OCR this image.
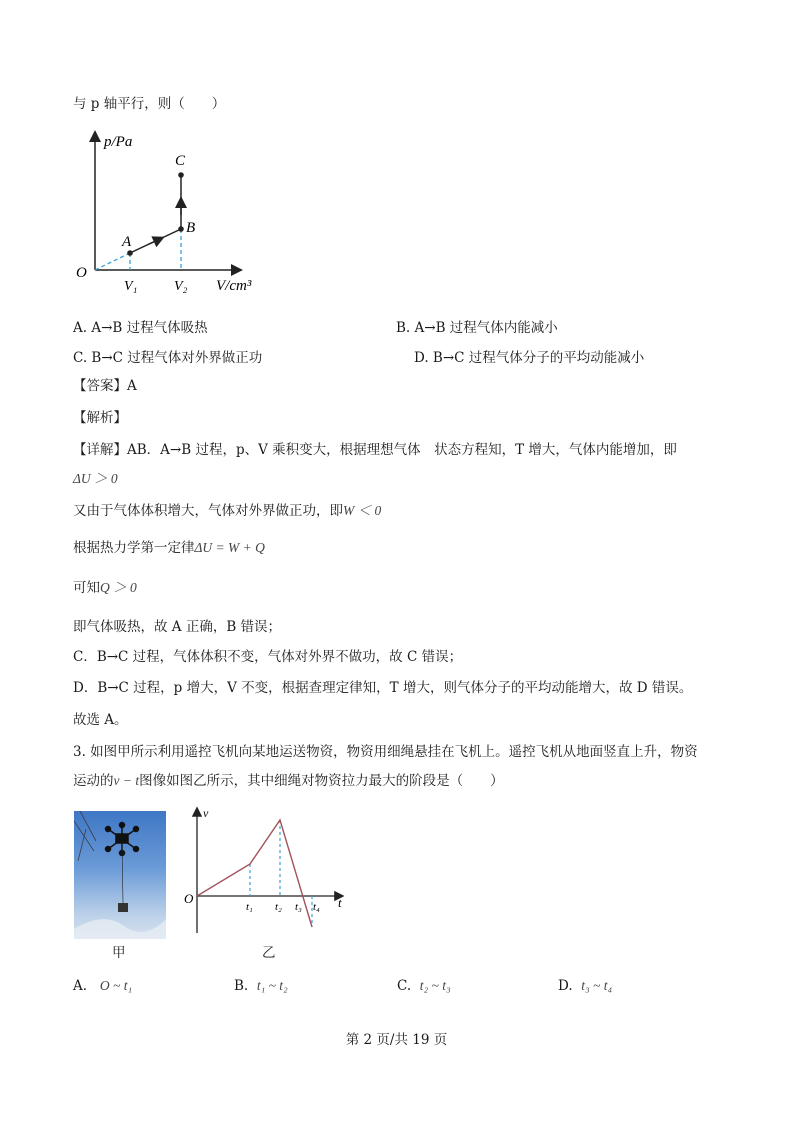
与 p 轴平行，则（　　）
p/Pa
C
B
A
O
V₁	V₂ V/cm³
A. A→B 过程气体吸热	B. A→B 过程气体内能减小
C. B→C 过程气体对外界做正功	D. B→C 过程气体分子的平均动能减小
【答案】A
【解析】
【详解】AB．A→B 过程，p、V 乘积变大，根据理想气体　状态方程知，T 增大，气体内能增加，即
ΔU ＞ 0
又由于气体体积增大，气体对外界做正功，即W ＜ 0
根据热力学第一定律ΔU = W + Q
可知Q ＞ 0
即气体吸热，故 A 正确，B 错误；
C．B→C 过程，气体体积不变，气体对外界不做功，故 C 错误；
D．B→C 过程，p 增大，V 不变，根据查理定律知，T 增大，则气体分子的平均动能增大，故 D 错误。
故选 A。
3. 如图甲所示利用遥控飞机向某地运送物资，物资用细绳悬挂在飞机上。遥控飞机从地面竖直上升，物资
运动的v − t图像如图乙所示，其中细绳对物资拉力最大的阶段是（　　）
甲
v
O	t
t₁ t₂ t₃ t₄
乙
A. O ~ t₁	B. t₁ ~ t₂	C. t₂ ~ t₃	D. t₃ ~ t₄
第 2 页/共 19 页
